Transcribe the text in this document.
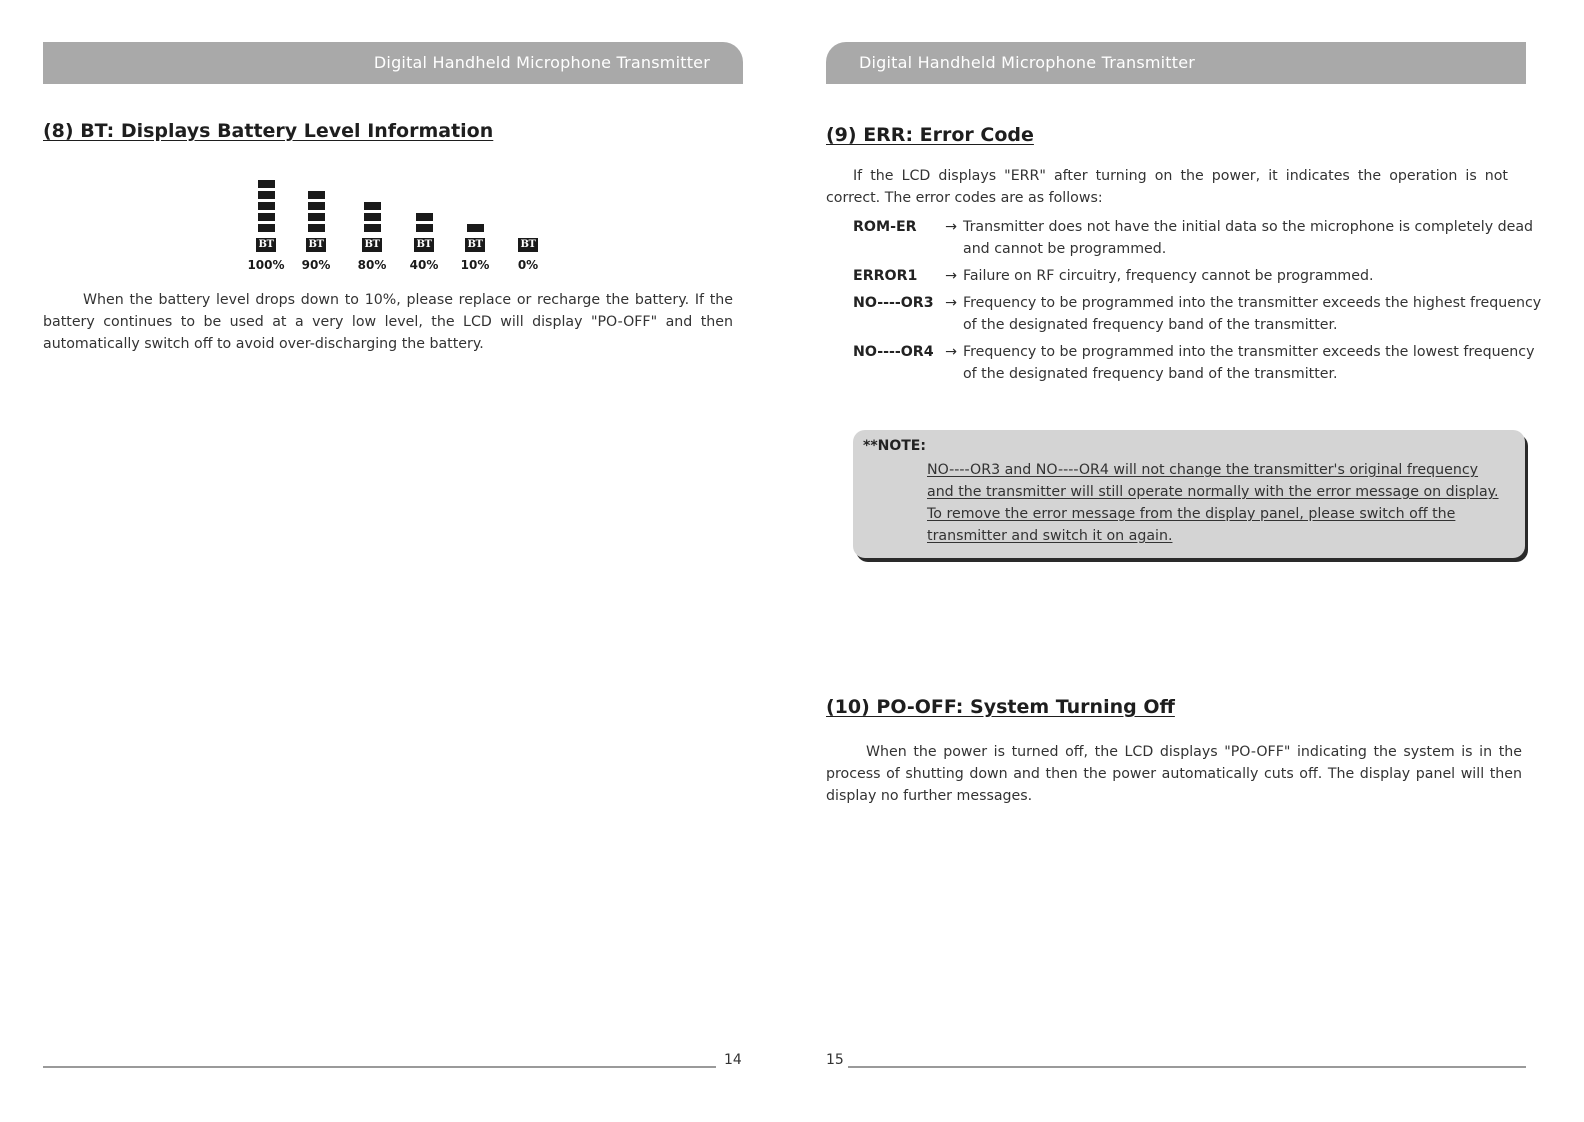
Digital Handheld Microphone Transmitter
(8) BT: Displays Battery Level Information
BT
100%
BT
90%
BT
80%
BT
40%
BT
10%
BT
0%

When the battery level drops down to 10%, please replace or recharge the battery. If the battery continues to be used at a very low level, the LCD will display "PO-OFF" and then automatically switch off to avoid over-discharging the battery.

14
Digital Handheld Microphone Transmitter
(9) ERR: Error Code

If the LCD displays "ERR" after turning on the power, it indicates the operation is not correct. The error codes are as follows:

ROM-ER	→ Transmitter does not have the initial data so the microphone is completely dead and cannot be programmed.
ERROR1	→ Failure on RF circuitry, frequency cannot be programmed.
NO----OR3 → Frequency to be programmed into the transmitter exceeds the highest frequency of the designated frequency band of the transmitter.
NO----OR4 → Frequency to be programmed into the transmitter exceeds the lowest frequency of the designated frequency band of the transmitter.
**NOTE:

NO----OR3 and NO----OR4 will not change the transmitter's original frequency and the transmitter will still operate normally with the error message on display. To remove the error message from the display panel, please switch off the transmitter and switch it on again.

(10) PO-OFF: System Turning Off

When the power is turned off, the LCD displays "PO-OFF" indicating the system is in the process of shutting down and then the power automatically cuts off. The display panel will then display no further messages.

15
